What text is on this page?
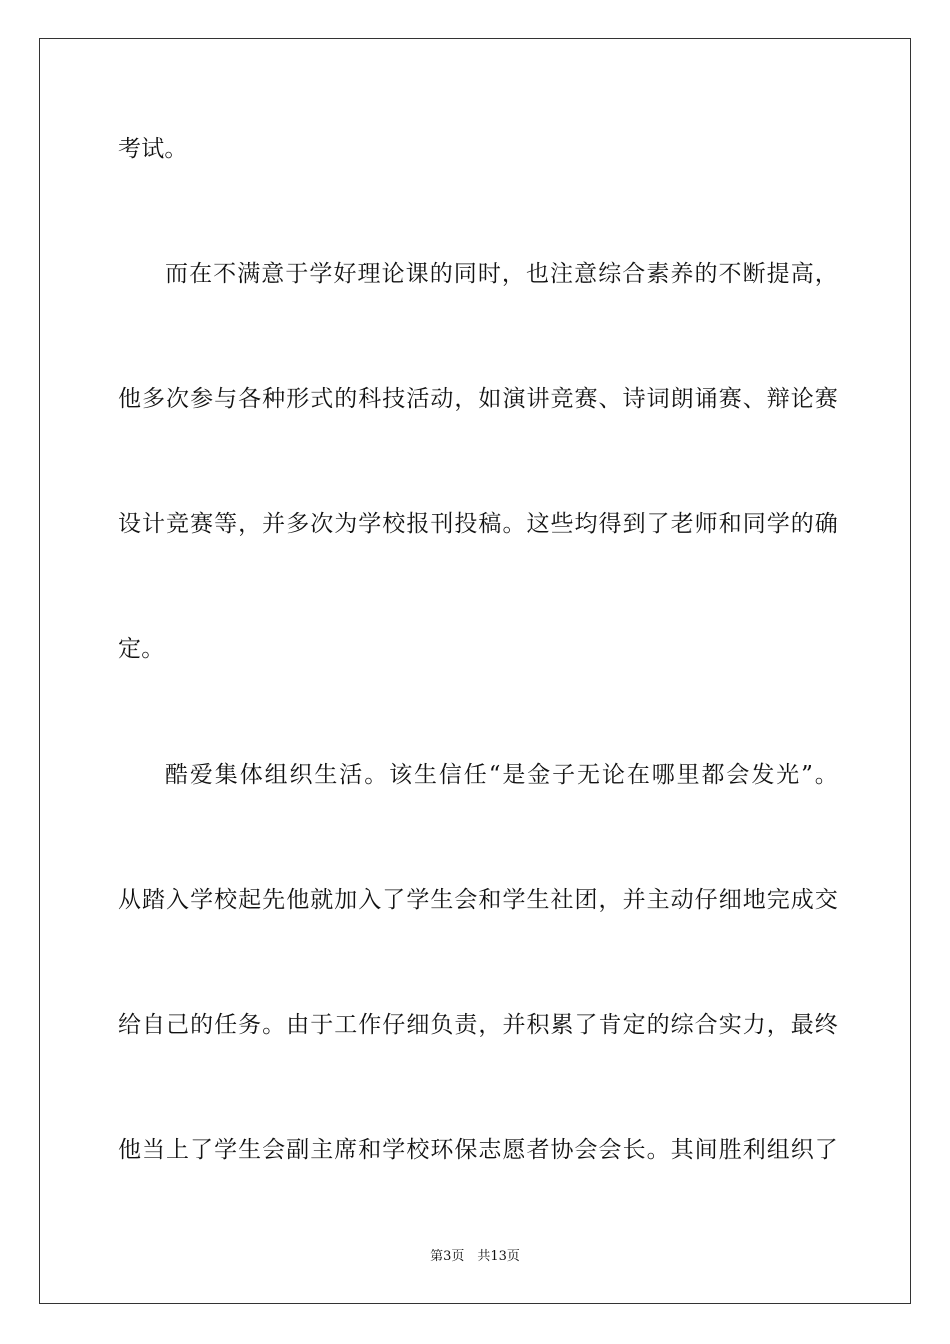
考试。
而在不满意于学好理论课的同时，也注意综合素养的不断提高，
他多次参与各种形式的科技活动，如演讲竞赛、诗词朗诵赛、辩论赛
设计竞赛等，并多次为学校报刊投稿。这些均得到了老师和同学的确
定。
酷爱集体组织生活。该生信任“是金子无论在哪里都会发光”。
从踏入学校起先他就加入了学生会和学生社团，并主动仔细地完成交
给自己的任务。由于工作仔细负责，并积累了肯定的综合实力，最终
他当上了学生会副主席和学校环保志愿者协会会长。其间胜利组织了
第3页　共13页
